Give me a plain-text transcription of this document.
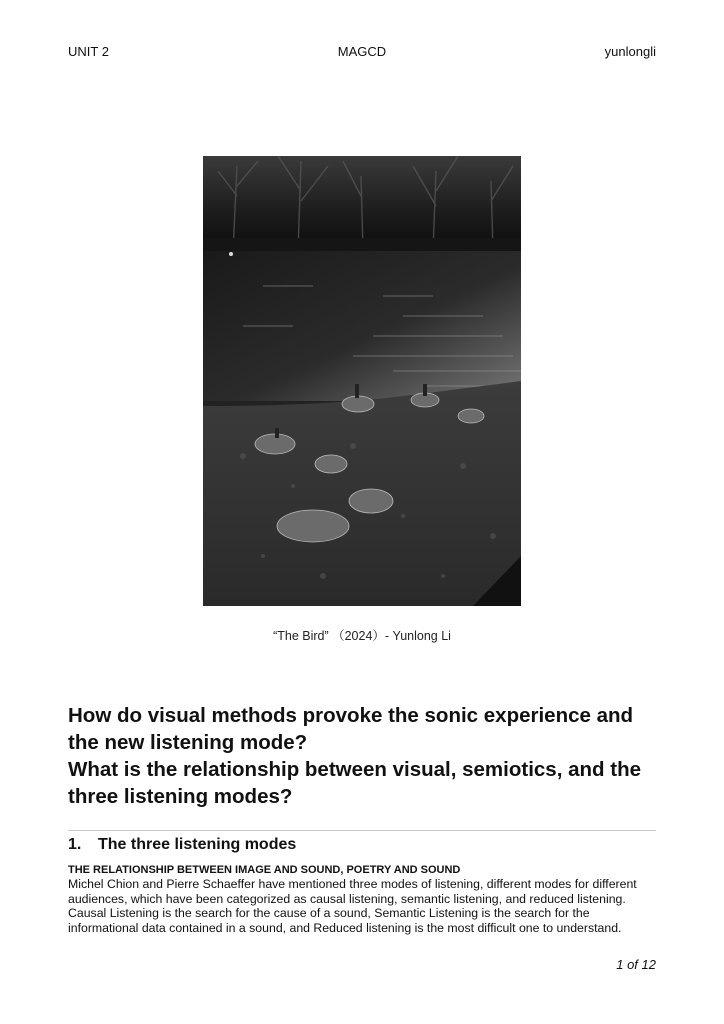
UNIT 2	MAGCD	yunlongli
“The Bird” （2024）- Yunlong Li

How do visual methods provoke the sonic experience and the new listening mode?

What is the relationship between visual, semiotics, and the three listening modes?

1. The three listening modes
THE RELATIONSHIP BETWEEN IMAGE AND SOUND, POETRY AND SOUND

Michel Chion and Pierre Schaeffer have mentioned three modes of listening, different modes for different audiences, which have been categorized as causal listening, semantic listening, and reduced listening. Causal Listening is the search for the cause of a sound, Semantic Listening is the search for the informational data contained in a sound, and Reduced listening is the most difficult one to understand.

1 of 12
